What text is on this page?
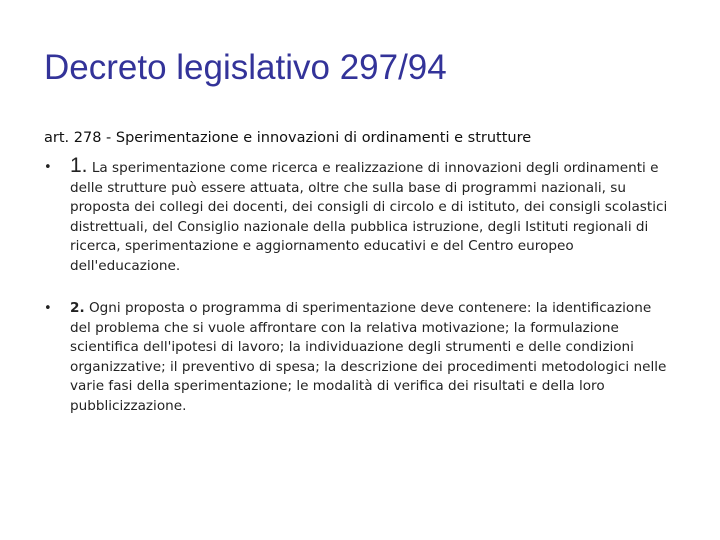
Decreto legislativo 297/94

art. 278 - Sperimentazione e innovazioni di ordinamenti e strutture

• 1. La sperimentazione come ricerca e realizzazione di innovazioni degli ordinamenti e delle strutture può essere attuata, oltre che sulla base di programmi nazionali, su proposta dei collegi dei docenti, dei consigli di circolo e di istituto, dei consigli scolastici distrettuali, del Consiglio nazionale della pubblica istruzione, degli Istituti regionali di ricerca, sperimentazione e aggiornamento educativi e del Centro europeo dell'educazione.
•	2. Ogni proposta o programma di sperimentazione deve contenere: la identificazione del problema che si vuole affrontare con la relativa motivazione; la formulazione scientifica dell'ipotesi di lavoro; la individuazione degli strumenti e delle condizioni organizzative; il preventivo di spesa; la descrizione dei procedimenti metodologici nelle varie fasi della sperimentazione; le modalità di verifica dei risultati e della loro pubblicizzazione.
